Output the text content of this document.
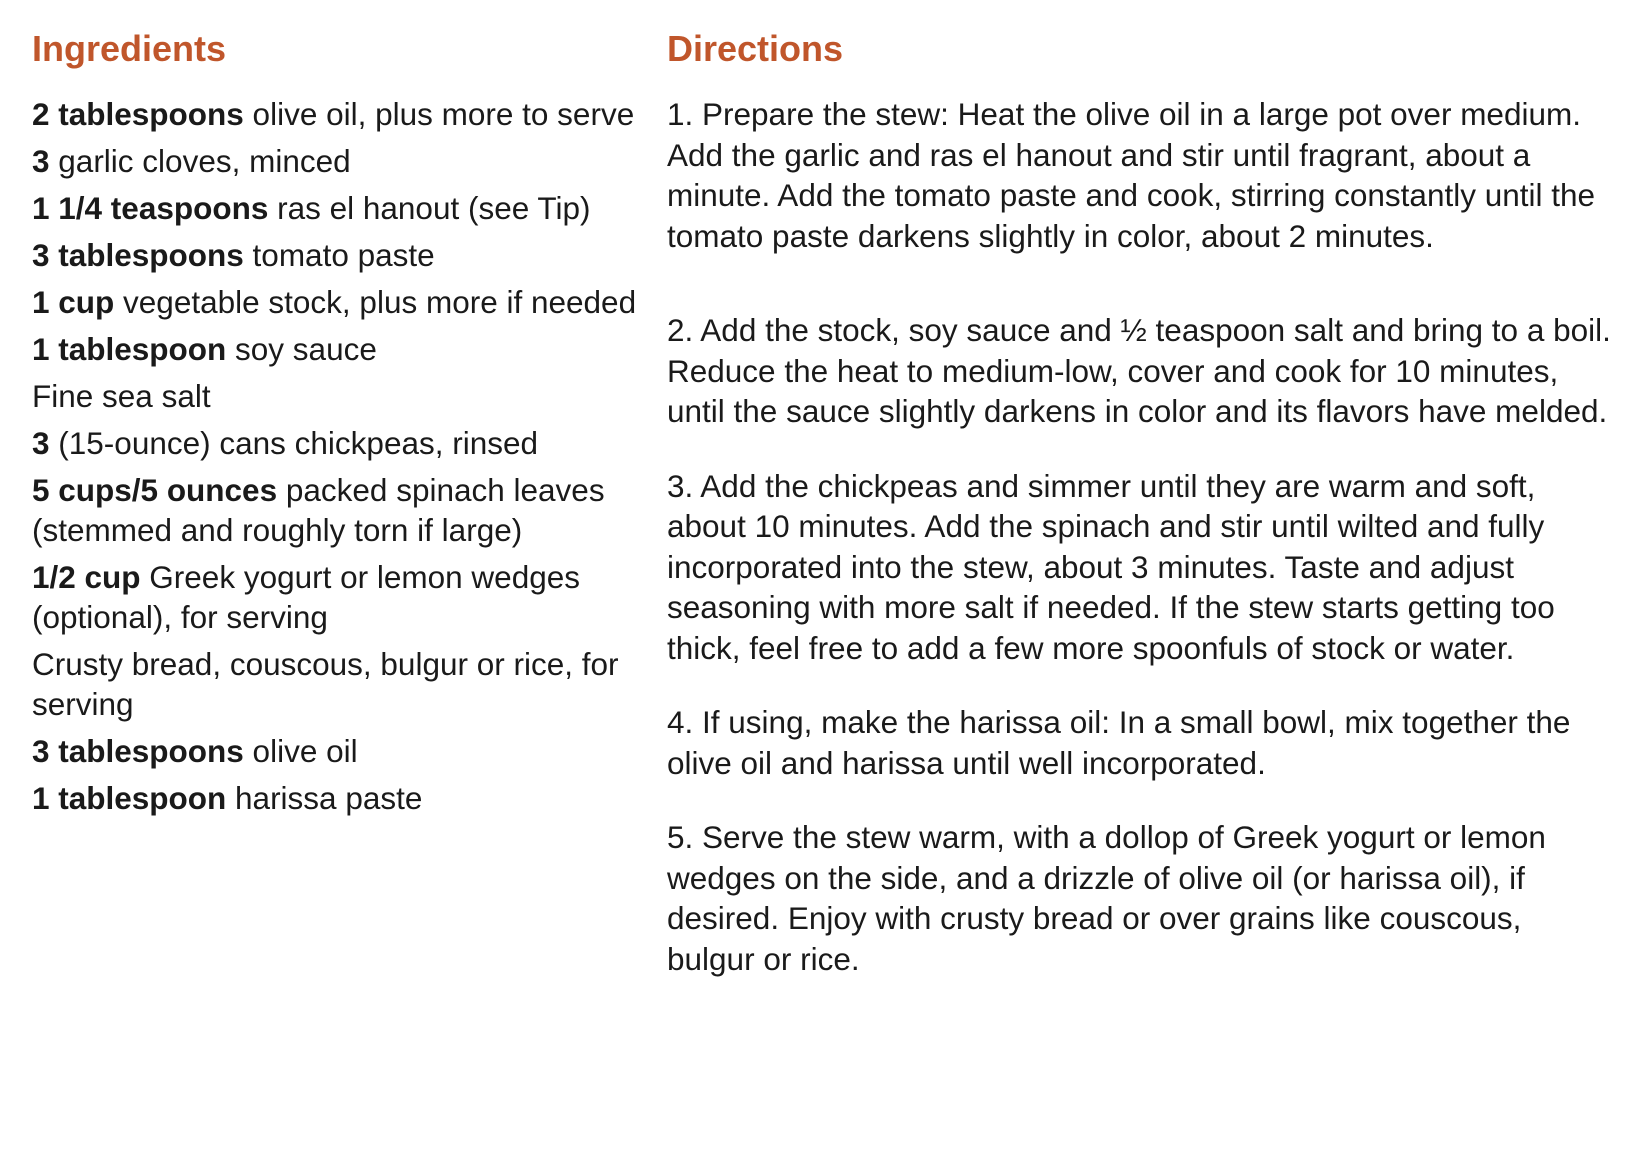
Ingredients
2 tablespoons olive oil, plus more to serve
3 garlic cloves, minced
1 1/4 teaspoons ras el hanout (see Tip)
3 tablespoons tomato paste
1 cup vegetable stock, plus more if needed
1 tablespoon soy sauce
Fine sea salt
3 (15-ounce) cans chickpeas, rinsed
5 cups/5 ounces packed spinach leaves (stemmed and roughly torn if large)
1/2 cup Greek yogurt or lemon wedges (optional), for serving
Crusty bread, couscous, bulgur or rice, for serving
3 tablespoons olive oil
1 tablespoon harissa paste
Directions

1. Prepare the stew: Heat the olive oil in a large pot over medium. Add the garlic and ras el hanout and stir until fragrant, about a minute. Add the tomato paste and cook, stirring constantly until the tomato paste darkens slightly in color, about 2 minutes.

2. Add the stock, soy sauce and ½ teaspoon salt and bring to a boil. Reduce the heat to medium-low, cover and cook for 10 minutes, until the sauce slightly darkens in color and its flavors have melded.

3. Add the chickpeas and simmer until they are warm and soft, about 10 minutes. Add the spinach and stir until wilted and fully incorporated into the stew, about 3 minutes. Taste and adjust seasoning with more salt if needed. If the stew starts getting too thick, feel free to add a few more spoonfuls of stock or water.

4. If using, make the harissa oil: In a small bowl, mix together the olive oil and harissa until well incorporated.

5. Serve the stew warm, with a dollop of Greek yogurt or lemon wedges on the side, and a drizzle of olive oil (or harissa oil), if desired. Enjoy with crusty bread or over grains like couscous, bulgur or rice.
